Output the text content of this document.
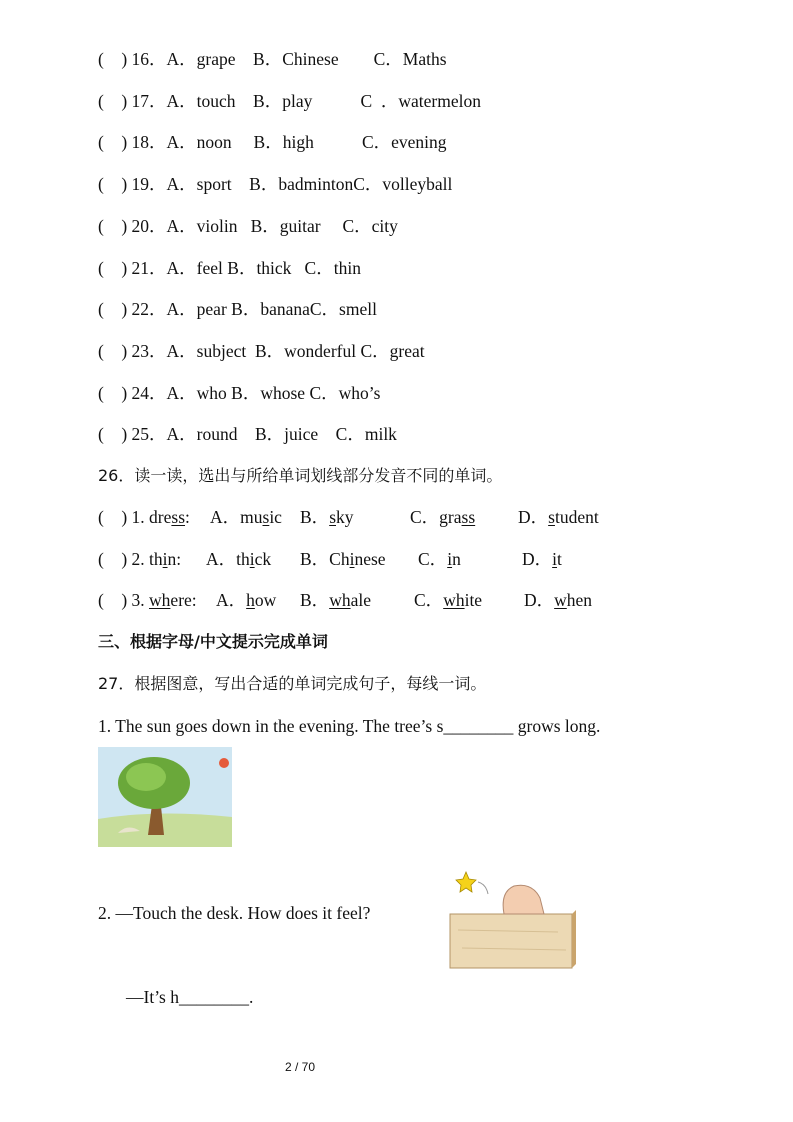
(    ) 16．A．grape    B．Chinese        C．Maths
(    ) 17．A．touch    B．play           C  ．watermelon
(    ) 18．A．noon     B．high           C．evening
(    ) 19．A．sport    B．badmintonC．volleyball
(    ) 20．A．violin   B．guitar     C．city
(    ) 21．A．feel B．thick   C．thin
(    ) 22．A．pear B．bananaC．smell
(    ) 23．A．subject  B．wonderful C．great
(    ) 24．A．who B．whose C．who’s
(    ) 25．A．round    B．juice    C．milk
26．读一读，选出与所给单词划线部分发音不同的单词。
(    ) 1. dress: A．music B．sky	C．grass D．student
(    ) 2. thin: A．thick B．Chinese C．in	D．it
(    ) 3. where: A．how B．whale C．white D．when
三、根据字母/中文提示完成单词
27．根据图意，写出合适的单词完成句子，每线一词。
1. The sun goes down in the evening. The tree’s s________ grows long.
2. —Touch the desk. How does it feel?
—It’s h________.
2 / 70
